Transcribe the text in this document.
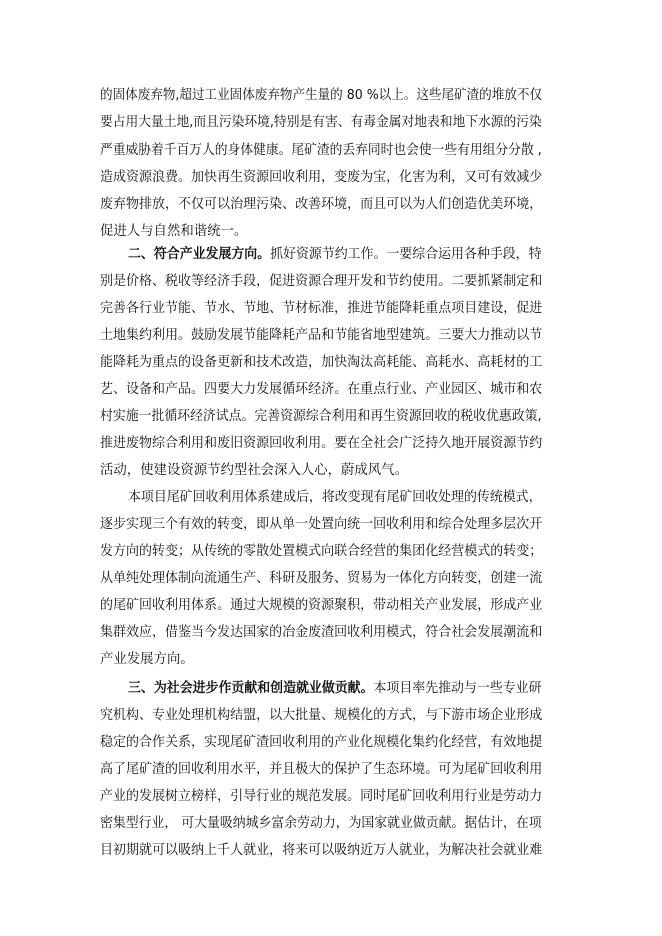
的固体废弃物,超过工业固体废弃物产生量的 80 %以上。这些尾矿渣的堆放不仅
要占用大量土地,而且污染环境,特别是有害、有毒金属对地表和地下水源的污染
严重威胁着千百万人的身体健康。尾矿渣的丢弃同时也会使一些有用组分分散 ,
造成资源浪费。加快再生资源回收利用，变废为宝，化害为利，又可有效减少
废弃物排放，不仅可以治理污染、改善环境，而且可以为人们创造优美环境，
促进人与自然和谐统一。
二、符合产业发展方向。抓好资源节约工作。一要综合运用各种手段，特
别是价格、税收等经济手段，促进资源合理开发和节约使用。二要抓紧制定和
完善各行业节能、节水、节地、节材标准，推进节能降耗重点项目建设，促进
土地集约利用。鼓励发展节能降耗产品和节能省地型建筑。三要大力推动以节
能降耗为重点的设备更新和技术改造，加快淘汰高耗能、高耗水、高耗材的工
艺、设备和产品。四要大力发展循环经济。在重点行业、产业园区、城市和农
村实施一批循环经济试点。完善资源综合利用和再生资源回收的税收优惠政策,
推进废物综合利用和废旧资源回收利用。要在全社会广泛持久地开展资源节约
活动，使建设资源节约型社会深入人心，蔚成风气。
本项目尾矿回收利用体系建成后，将改变现有尾矿回收处理的传统模式，
逐步实现三个有效的转变，即从单一处置向统一回收利用和综合处理多层次开
发方向的转变；从传统的零散处置模式向联合经营的集团化经营模式的转变；
从单纯处理体制向流通生产、科研及服务、贸易为一体化方向转变，创建一流
的尾矿回收利用体系。通过大规模的资源聚积，带动相关产业发展，形成产业
集群效应，借鉴当今发达国家的冶金废渣回收利用模式，符合社会发展潮流和
产业发展方向。
三、为社会进步作贡献和创造就业做贡献。本项目率先推动与一些专业研
究机构、专业处理机构结盟，以大批量、规模化的方式，与下游市场企业形成
稳定的合作关系，实现尾矿渣回收利用的产业化规模化集约化经营，有效地提
高了尾矿渣的回收利用水平，并且极大的保护了生态环境。可为尾矿回收利用
产业的发展树立榜样，引导行业的规范发展。同时尾矿回收利用行业是劳动力
密集型行业， 可大量吸纳城乡富余劳动力，为国家就业做贡献。据估计，在项
目初期就可以吸纳上千人就业，将来可以吸纳近万人就业，为解决社会就业难
